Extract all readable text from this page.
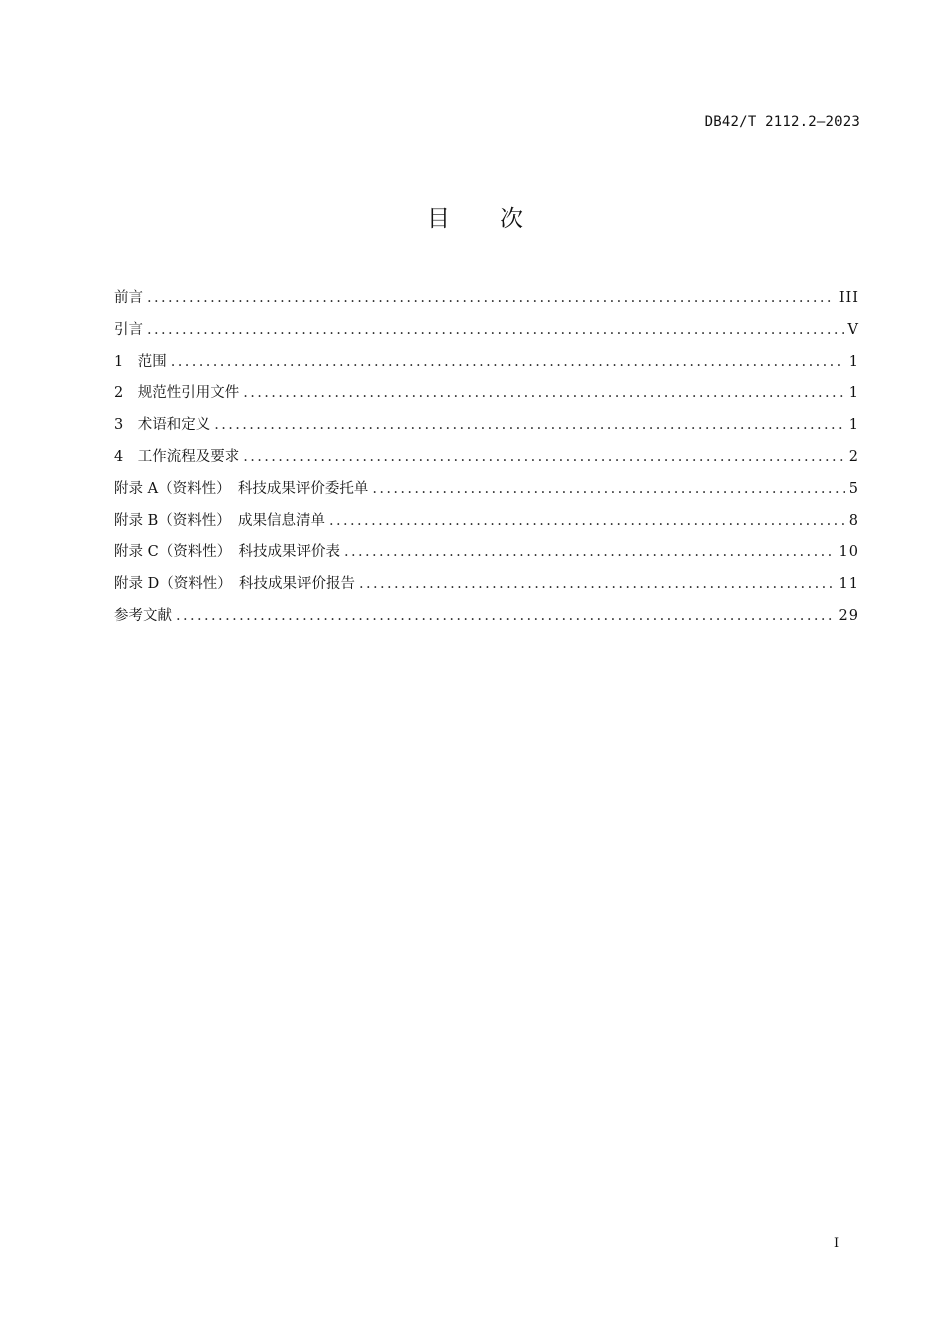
DB42/T 2112.2—2023
目次
前言 .....	III
引言 .....	V
1　范围 .....	1
2　规范性引用文件 .....	1
3　术语和定义 .....	1
4　工作流程及要求 .....	2
附录 A（资料性）　科技成果评价委托单 .....	5
附录 B（资料性）　成果信息清单 .....	8
附录 C（资料性）　科技成果评价表 .....	10
附录 D（资料性）　科技成果评价报告 .....	11
参考文献 .....	29
I
